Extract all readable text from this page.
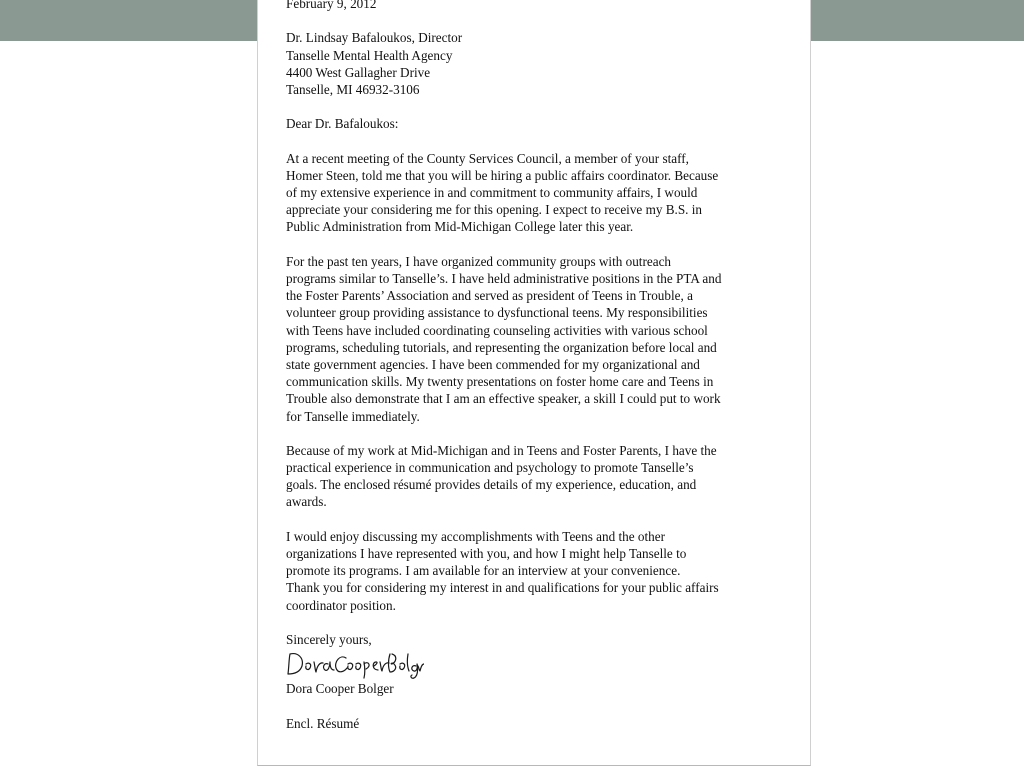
February 9, 2012
Dr. Lindsay Bafaloukos, Director
Tanselle Mental Health Agency
4400 West Gallagher Drive
Tanselle, MI 46932-3106
Dear Dr. Bafaloukos:
At a recent meeting of the County Services Council, a member of your staff,
Homer Steen, told me that you will be hiring a public affairs coordinator. Because
of my extensive experience in and commitment to community affairs, I would
appreciate your considering me for this opening. I expect to receive my B.S. in
Public Administration from Mid-Michigan College later this year.
For the past ten years, I have organized community groups with outreach
programs similar to Tanselle’s. I have held administrative positions in the PTA and
the Foster Parents’ Association and served as president of Teens in Trouble, a
volunteer group providing assistance to dysfunctional teens. My responsibilities
with Teens have included coordinating counseling activities with various school
programs, scheduling tutorials, and representing the organization before local and
state government agencies. I have been commended for my organizational and
communication skills. My twenty presentations on foster home care and Teens in
Trouble also demonstrate that I am an effective speaker, a skill I could put to work
for Tanselle immediately.
Because of my work at Mid-Michigan and in Teens and Foster Parents, I have the
practical experience in communication and psychology to promote Tanselle’s
goals. The enclosed résumé provides details of my experience, education, and
awards.
I would enjoy discussing my accomplishments with Teens and the other
organizations I have represented with you, and how I might help Tanselle to
promote its programs. I am available for an interview at your convenience.
Thank you for considering my interest in and qualifications for your public affairs
coordinator position.
Sincerely yours,
Dora Cooper Bolger
Encl. Résumé
